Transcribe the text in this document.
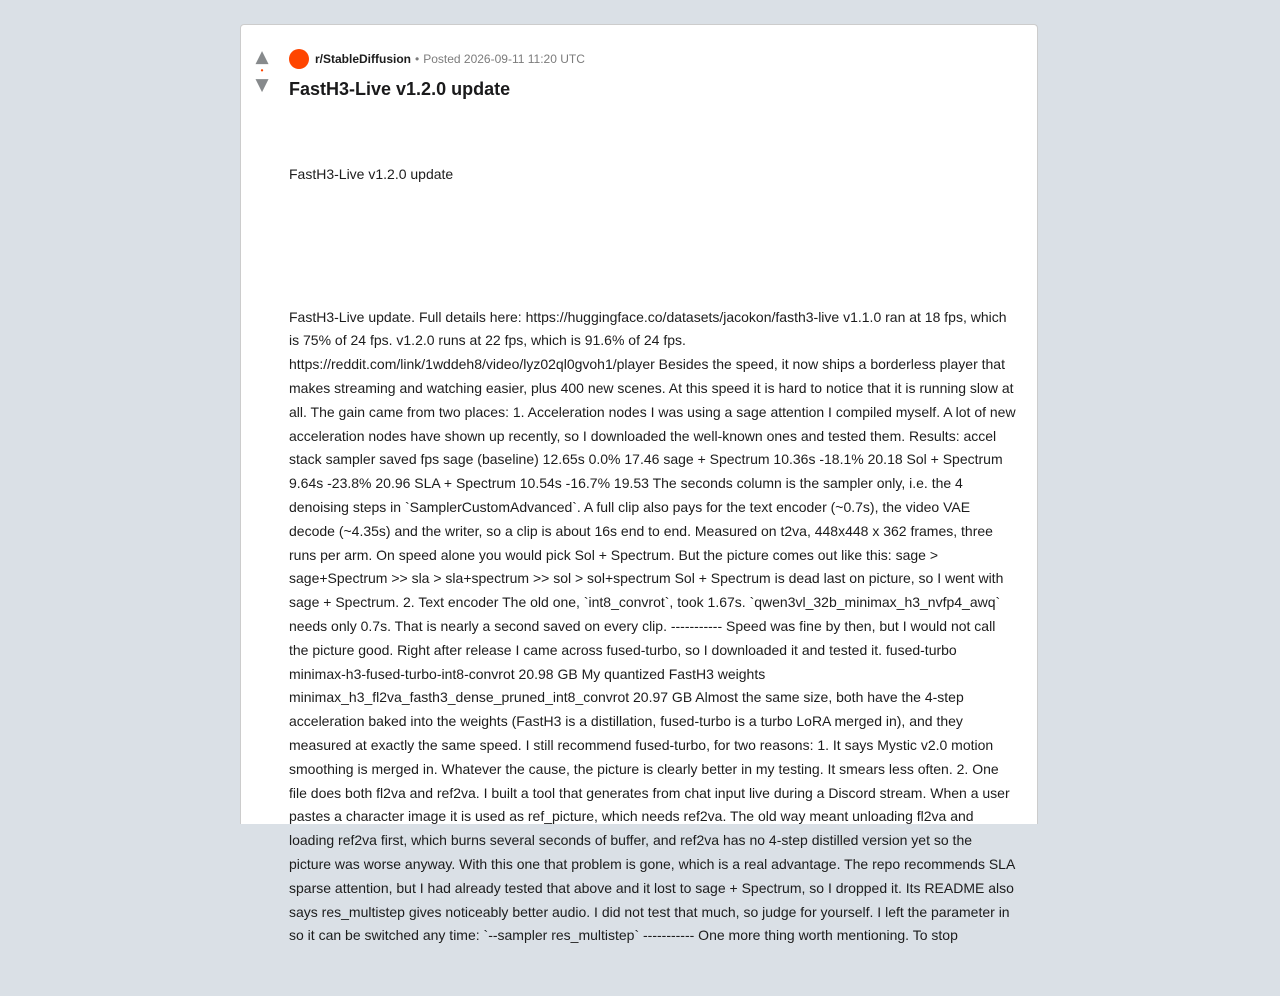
▲
•
▼
r/StableDiffusion • Posted 2026-09-11 11:20 UTC
FastH3-Live v1.2.0 update

FastH3-Live v1.2.0 update

FastH3-Live update. Full details here: https://huggingface.co/datasets/jacokon/fasth3-live v1.1.0 ran at 18 fps, which is 75% of 24 fps. v1.2.0 runs at 22 fps, which is 91.6% of 24 fps. https://reddit.com/link/1wddeh8/video/lyz02ql0gvoh1/player Besides the speed, it now ships a borderless player that makes streaming and watching easier, plus 400 new scenes. At this speed it is hard to notice that it is running slow at all. The gain came from two places: 1. Acceleration nodes I was using a sage attention I compiled myself. A lot of new acceleration nodes have shown up recently, so I downloaded the well-known ones and tested them. Results: accel stack sampler saved fps sage (baseline) 12.65s 0.0% 17.46 sage + Spectrum 10.36s -18.1% 20.18 Sol + Spectrum 9.64s -23.8% 20.96 SLA + Spectrum 10.54s -16.7% 19.53 The seconds column is the sampler only, i.e. the 4 denoising steps in `SamplerCustomAdvanced`. A full clip also pays for the text encoder (~0.7s), the video VAE decode (~4.35s) and the writer, so a clip is about 16s end to end. Measured on t2va, 448x448 x 362 frames, three runs per arm. On speed alone you would pick Sol + Spectrum. But the picture comes out like this: sage > sage+Spectrum >> sla > sla+spectrum >> sol > sol+spectrum Sol + Spectrum is dead last on picture, so I went with sage + Spectrum. 2. Text encoder The old one, `int8_convrot`, took 1.67s. `qwen3vl_32b_minimax_h3_nvfp4_awq` needs only 0.7s. That is nearly a second saved on every clip. ----------- Speed was fine by then, but I would not call the picture good. Right after release I came across fused-turbo, so I downloaded it and tested it. fused-turbo minimax-h3-fused-turbo-int8-convrot 20.98 GB My quantized FastH3 weights minimax_h3_fl2va_fasth3_dense_pruned_int8_convrot 20.97 GB Almost the same size, both have the 4-step acceleration baked into the weights (FastH3 is a distillation, fused-turbo is a turbo LoRA merged in), and they measured at exactly the same speed. I still recommend fused-turbo, for two reasons: 1. It says Mystic v2.0 motion smoothing is merged in. Whatever the cause, the picture is clearly better in my testing. It smears less often. 2. One file does both fl2va and ref2va. I built a tool that generates from chat input live during a Discord stream. When a user pastes a character image it is used as ref_picture, which needs ref2va. The old way meant unloading fl2va and loading ref2va first, which burns several seconds of buffer, and ref2va has no 4-step distilled version yet so the picture was worse anyway. With this one that problem is gone, which is a real advantage. The repo recommends SLA sparse attention, but I had already tested that above and it lost to sage + Spectrum, so I dropped it. Its README also says res_multistep gives noticeably better audio. I did not test that much, so judge for yourself. I left the parameter in so it can be switched any time: `--sampler res_multistep` ----------- One more thing worth mentioning. To stop
